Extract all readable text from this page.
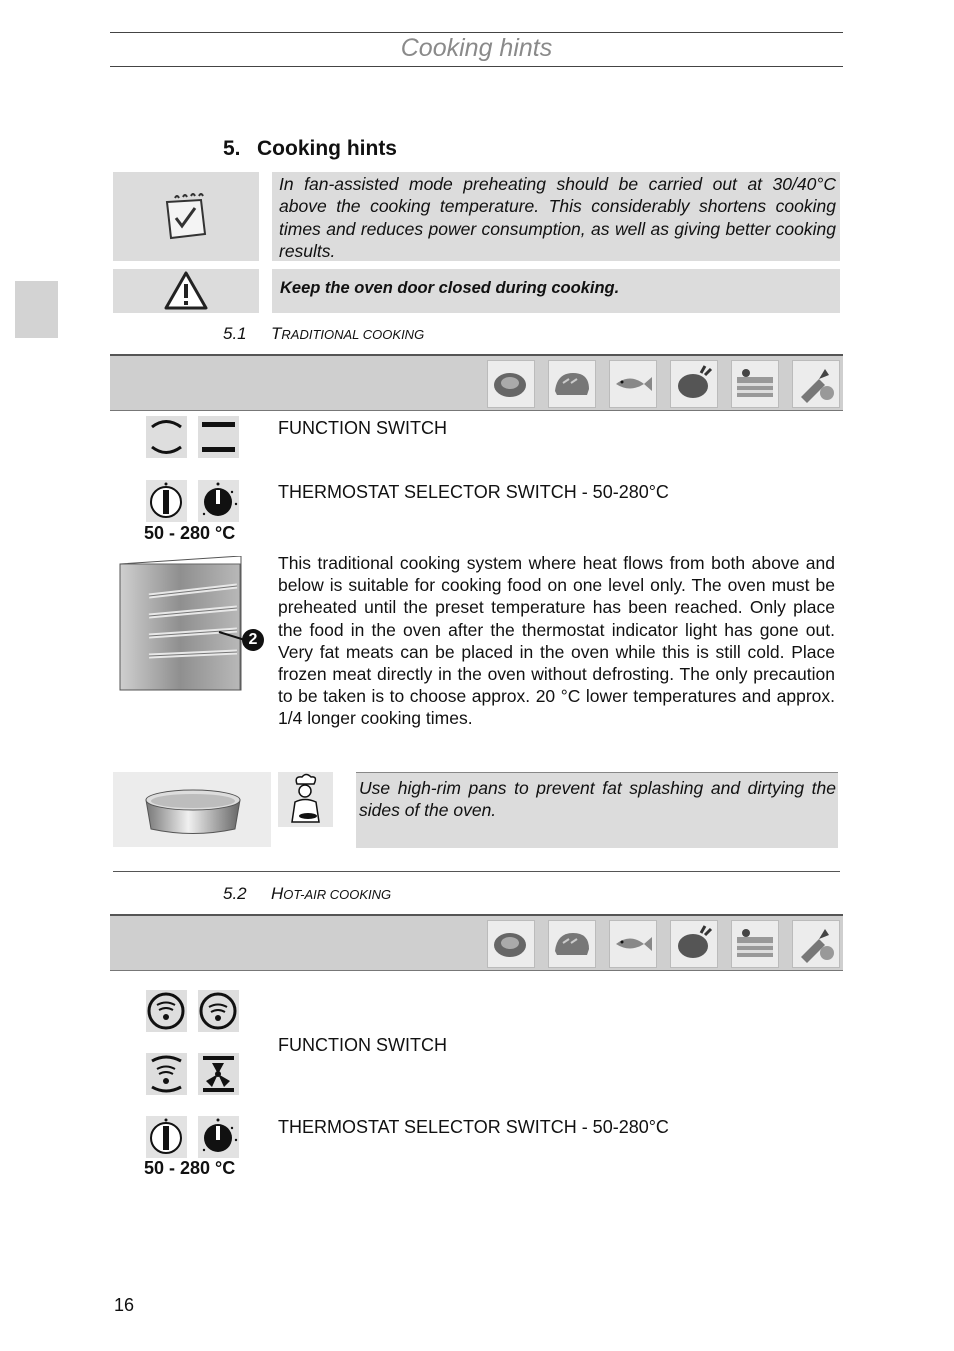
Cooking hints
5. Cooking hints
In fan-assisted mode preheating should be carried out at 30/40°C above the cooking temperature. This considerably shortens cooking times and reduces power consumption, as well as giving better cooking results.
Keep the oven door closed during cooking.
5.1 TRADITIONAL COOKING
FUNCTION SWITCH
THERMOSTAT SELECTOR SWITCH - 50-280°C
50 - 280 °C
2
This traditional cooking system where heat flows from both above and below is suitable for cooking food on one level only. The oven must be preheated until the preset temperature has been reached. Only place the food in the oven after the thermostat indicator light has gone out. Very fat meats can be placed in the oven while this is still cold. Place frozen meat directly in the oven without defrosting. The only precaution to be taken is to choose approx. 20 °C lower temperatures and approx. 1/4 longer cooking times.
Use high-rim pans to prevent fat splashing and dirtying the sides of the oven.
5.2 HOT-AIR COOKING
FUNCTION SWITCH
THERMOSTAT SELECTOR SWITCH - 50-280°C
50 - 280 °C
16
